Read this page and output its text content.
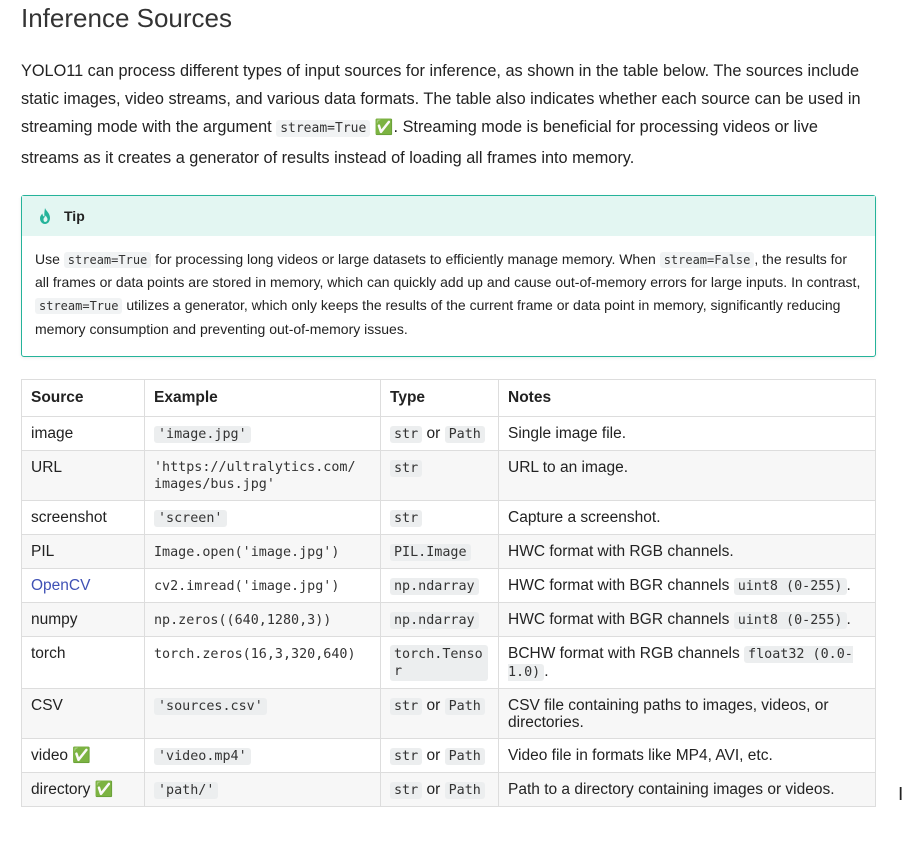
Inference Sources

YOLO11 can process different types of input sources for inference, as shown in the table below. The sources include static images, video streams, and various data formats. The table also indicates whether each source can be used in streaming mode with the argument stream=True ✅. Streaming mode is beneficial for processing videos or live streams as it creates a generator of results instead of loading all frames into memory.

Tip
Use stream=True for processing long videos or large datasets to efficiently manage memory. When stream=False , the results for all frames or data points are stored in memory, which can quickly add up and cause out-of-memory errors for large inputs. In contrast, stream=True utilizes a generator, which only keeps the results of the current frame or data point in memory, significantly reducing memory consumption and preventing out-of-memory issues.
Source	Example	Type	Notes
image	'image.jpg'	str or Path	Single image file.
URL	'https://ultralytics.com/images/bus.jpg'	str	URL to an image.
screenshot	'screen'	str	Capture a screenshot.
PIL	Image.open('image.jpg')	PIL.Image	HWC format with RGB channels.
OpenCV	cv2.imread('image.jpg')	np.ndarray	HWC format with BGR channels uint8 (0-255) .
numpy	np.zeros((640,1280,3))	np.ndarray	HWC format with BGR channels uint8 (0-255) .
torch	torch.zeros(16,3,320,640)	torch.Tensor	BCHW format with RGB channels float32 (0.0-1.0) .
CSV	'sources.csv'	str or Path	CSV file containing paths to images, videos, or directories.
video ✅	'video.mp4'	str or Path	Video file in formats like MP4, AVI, etc.
directory ✅	'path/'	str or Path	Path to a directory containing images or videos.	I
